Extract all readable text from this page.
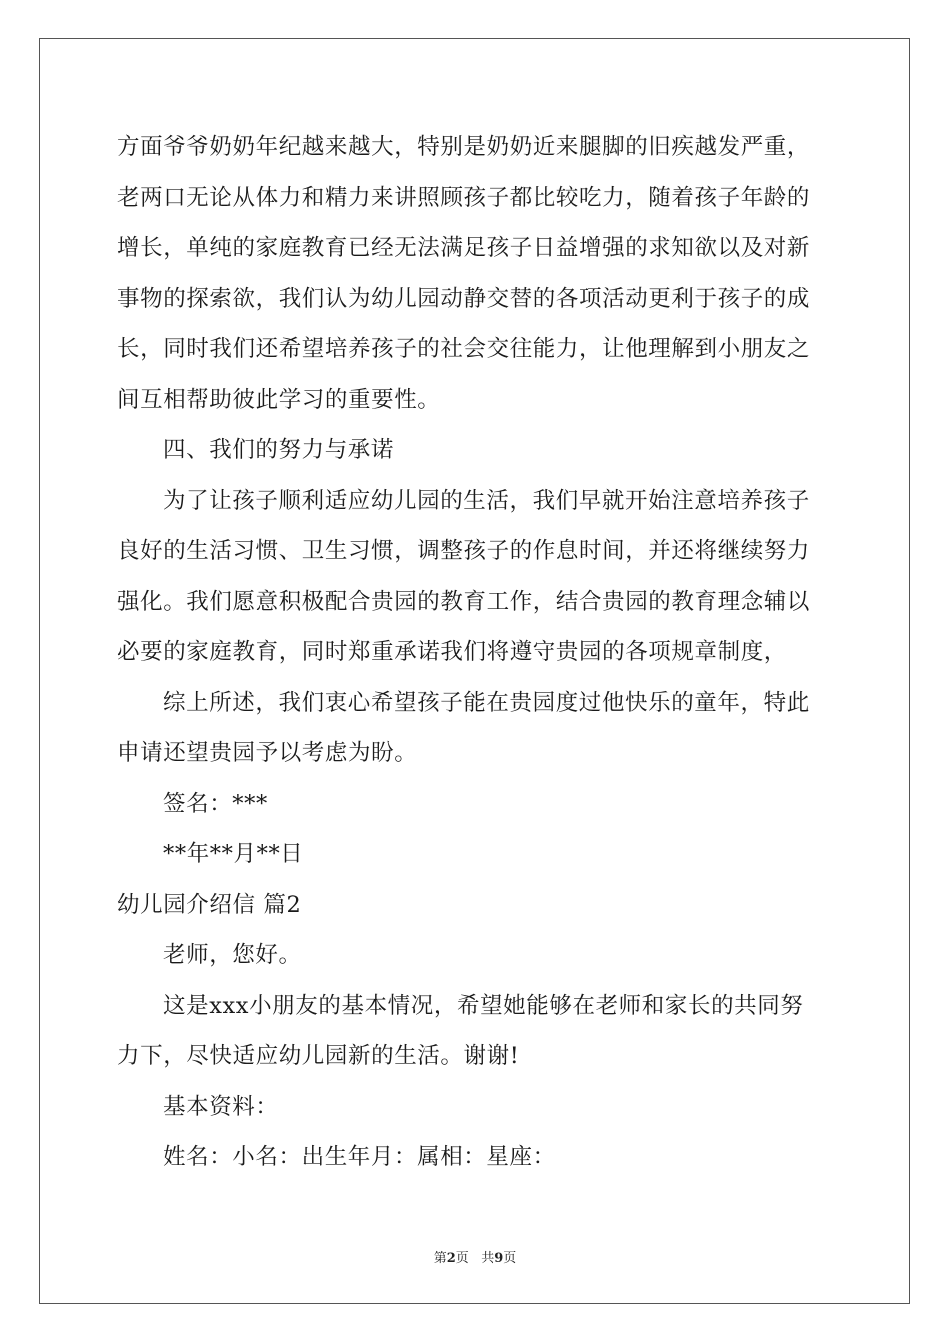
方面爷爷奶奶年纪越来越大，特别是奶奶近来腿脚的旧疾越发严重，
老两口无论从体力和精力来讲照顾孩子都比较吃力，随着孩子年龄的
增长，单纯的家庭教育已经无法满足孩子日益增强的求知欲以及对新
事物的探索欲，我们认为幼儿园动静交替的各项活动更利于孩子的成
长，同时我们还希望培养孩子的社会交往能力，让他理解到小朋友之
间互相帮助彼此学习的重要性。
四、我们的努力与承诺
为了让孩子顺利适应幼儿园的生活，我们早就开始注意培养孩子
良好的生活习惯、卫生习惯，调整孩子的作息时间，并还将继续努力
强化。我们愿意积极配合贵园的教育工作，结合贵园的教育理念辅以
必要的家庭教育，同时郑重承诺我们将遵守贵园的各项规章制度，
综上所述，我们衷心希望孩子能在贵园度过他快乐的童年，特此
申请还望贵园予以考虑为盼。
签名：***
**年**月**日
幼儿园介绍信 篇2
老师，您好。
这是xxx小朋友的基本情况，希望她能够在老师和家长的共同努
力下，尽快适应幼儿园新的生活。谢谢!
基本资料：
姓名：小名：出生年月：属相：星座：
第2页 共9页
